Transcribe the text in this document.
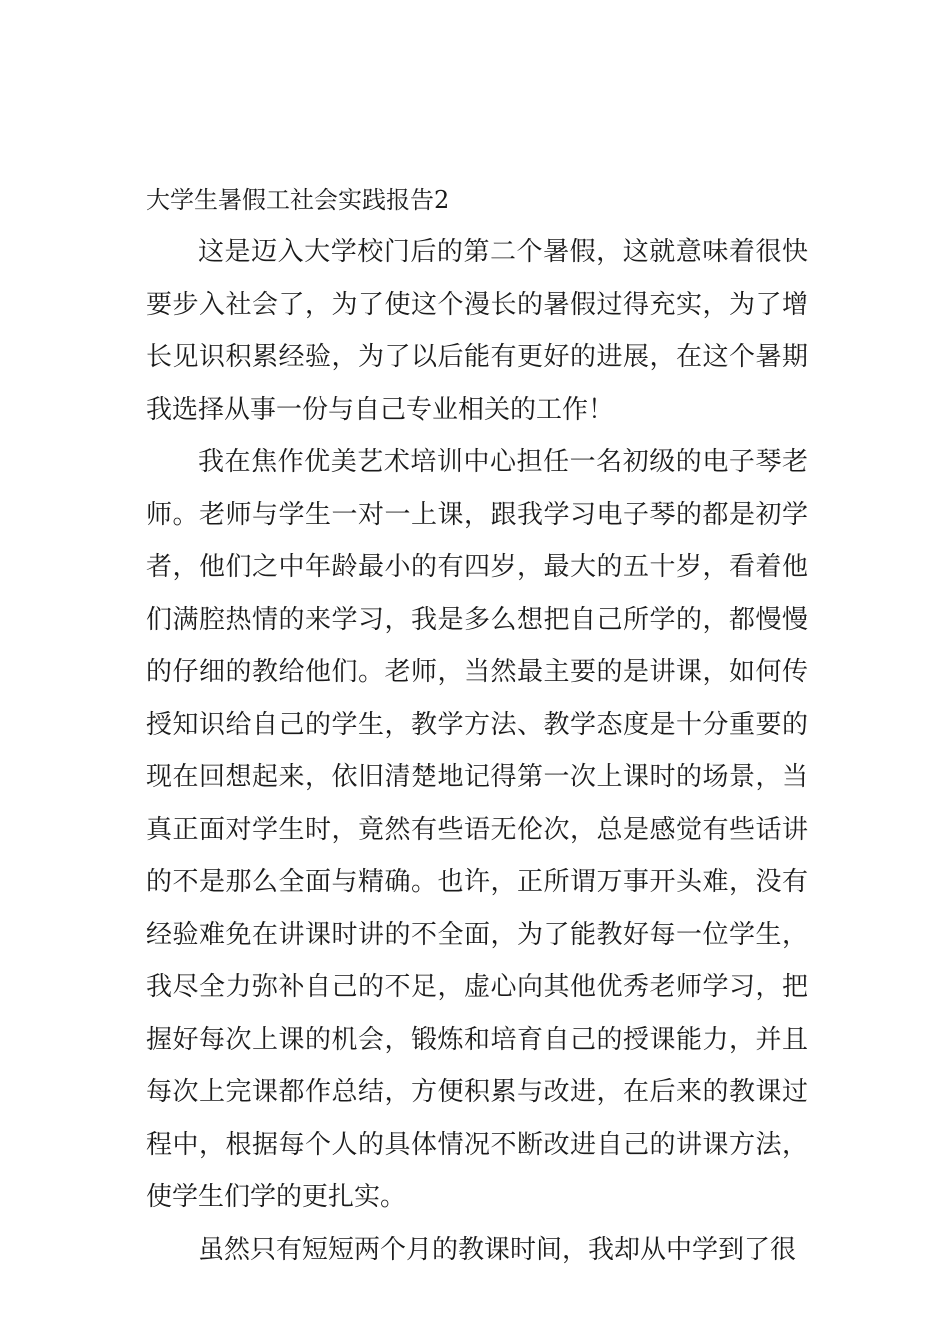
大学生暑假工社会实践报告2

这是迈入大学校门后的第二个暑假，这就意味着很快要步入社会了，为了使这个漫长的暑假过得充实，为了增长见识积累经验，为了以后能有更好的进展，在这个暑期我选择从事一份与自己专业相关的工作！

我在焦作优美艺术培训中心担任一名初级的电子琴老师。老师与学生一对一上课，跟我学习电子琴的都是初学者，他们之中年龄最小的有四岁，最大的五十岁，看着他们满腔热情的来学习，我是多么想把自己所学的，都慢慢的仔细的教给他们。老师，当然最主要的是讲课，如何传授知识给自己的学生，教学方法、教学态度是十分重要的现在回想起来，依旧清楚地记得第一次上课时的场景，当真正面对学生时，竟然有些语无伦次，总是感觉有些话讲的不是那么全面与精确。也许，正所谓万事开头难，没有经验难免在讲课时讲的不全面，为了能教好每一位学生，我尽全力弥补自己的不足，虚心向其他优秀老师学习，把握好每次上课的机会，锻炼和培育自己的授课能力，并且每次上完课都作总结，方便积累与改进，在后来的教课过程中，根据每个人的具体情况不断改进自己的讲课方法，使学生们学的更扎实。

虽然只有短短两个月的教课时间，我却从中学到了很
